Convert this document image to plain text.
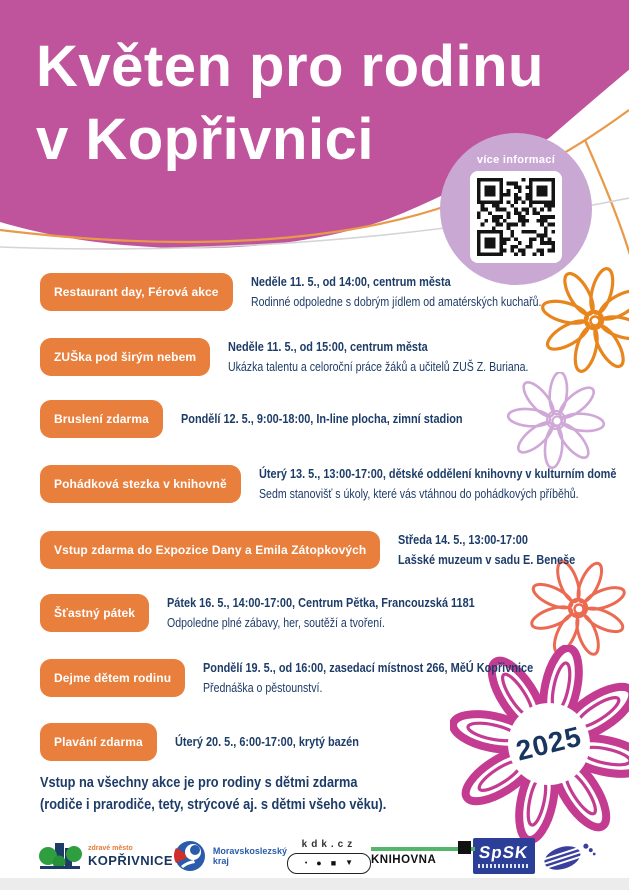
Květen pro rodinu
v Kopřivnici
2025
více informací
Restaurant day, Férová akce
Neděle 11. 5., od 14:00, centrum města
Rodinné odpoledne s dobrým jídlem od amatérských kuchařů.
ZUŠka pod širým nebem
Neděle 11. 5., od 15:00, centrum města
Ukázka talentu a celoroční práce žáků a učitelů ZUŠ Z. Buriana.
Bruslení zdarma	Pondělí 12. 5., 9:00-18:00, In-line plocha, zimní stadion
Pohádková stezka v knihovně
Úterý 13. 5., 13:00-17:00, dětské oddělení knihovny v kulturním domě
Sedm stanovišť s úkoly, které vás vtáhnou do pohádkových příběhů.
Vstup zdarma do Expozice Dany a Emila Zátopkových
Středa 14. 5., 13:00-17:00
Lašské muzeum v sadu E. Beneše
Šťastný pátek
Pátek 16. 5., 14:00-17:00, Centrum Pětka, Francouzská 1181
Odpoledne plné zábavy, her, soutěží a tvoření.
Dejme dětem rodinu
Pondělí 19. 5., od 16:00, zasedací místnost 266, MěÚ Kopřivnice
Přednáška o pěstounství.
Plavání zdarma	Úterý 20. 5., 6:00-17:00, krytý bazén
Vstup na všechny akce je pro rodiny s dětmi zdarma
(rodiče i prarodiče, tety, strýcové aj. s dětmi všeho věku).
zdravé město
KOPŘIVNICE
Moravskoslezský
kraj
kdk.cz
• ● ■ ▼ KNIHOVNA SpSK
